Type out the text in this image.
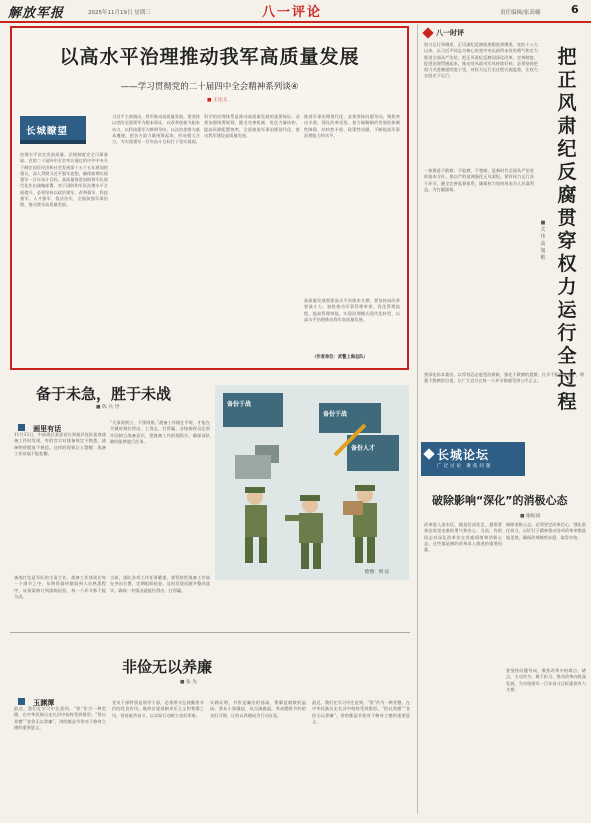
解放军报	2025年11月19日 星期三	八一评论	责任编辑/张高楠	6
以高水平治理推动我军高质量发展
——学习贯彻党的二十届四中全会精神系列谈④
■ 王达玉
长城瞭望
治理水平决定发展质量。法规制度完全可靠基础。党的二十届四中全会审议通过的中共中央关于制定国民经济和社会发展第十五个五年规划的建议，深入贯彻习近平强军思想，确保如期实现建军一百年奋斗目标，高质量推进国防和军队现代化作出战略部署。对于国防和军队治理水平全面提升，必须坚持以政治建军、改革强军、科技强军、人才强军、依法治军，全面加强军事治理，推动我军高质量发展。
习近平主席指出，我军推动高质量发展，要坚持以党的全面领导为根本保证，以改革创新为根本动力，以科技强军为鲜明导向，以法治思维为基本遵循，把各方面力量统筹起来，形成强大合力，为实现建军一百年奋斗目标打下坚实基础。
科学的治理体系是推动高质量发展的重要保证。必须加强统筹规划，健全完善机制，优化力量结构，提高资源配置效率，全面推进军事治理现代化，推动我军建设高质量发展。
推进军事治理现代化，必须坚持问题导向，聚焦突出矛盾，强化改革攻坚，着力破解制约发展的体制性障碍、结构性矛盾、政策性问题，不断提高军事治理能力和水平。
高质量发展需要高水平治理来支撑。要坚持向改革要战斗力，加快推动军事管理革命，优化管理流程，提高管理效能，实现治理模式现代化转型，以高水平治理推动我军高质量发展。
（作者单位：武警上海总队）
八一时评
把正风肃纪反腐贯穿权力运行全过程
■ 关 伟 高 旭 彬
权力运行到哪里，正风肃纪反腐就要跟进到哪里。党的十八大以来，以习近平同志为核心的党中央以前所未有的勇气和定力推进全面从严治党，把正风肃纪反腐同深化改革、完善制度、促进治理贯通起来，推动党风政风军风持续好转。必须坚持把权力关进制度的笼子里，对权力运行全过程实施监督，让权力在阳光下运行。
一体推进不敢腐、不能腐、不想腐，是新时代全面从严治党的基本方针。要以严的基调强化正风肃纪，紧盯权力运行各个环节，健全完善监督体系，确保权力始终用来为人民谋利益、为打赢服务。
要深化标本兼治，以零容忍态度惩治腐败，强化不敢腐的震慑，扎牢不能腐的笼子，增强不想腐的自觉，让广大官兵在每一个环节都感受到公平正义。
备于未急，胜于未战
■ 陈 兵 世
画里有话
11月13日，中部战区某部首长到基层连队检查战备工作时发现，有的官兵对战备规定不熟悉，战备物资摆放不规范。这样的现象让人警醒：战备工作丝毫不能松懈。
“凡事预则立，不预则废。”战备工作做在平时，才能在关键时刻拉得出、上得去、打得赢。各级指挥员必须牢固树立战备意识，把战备工作抓细抓实，确保部队随时能够遂行任务。
备战打仗是军队的主责主业。战备工作体现在每一个细节之中，从物资器材摆放到人员熟悉程序，从预案修订到演练检验，每一个环节都不能马虎。
当前，部队各项工作任务繁重，要坚持把战备工作放在突出位置，定期组织检查，及时发现问题并整改落实，确保一有情况就能拉得出、打得赢。
备份于战
备份于战
备份人才
绘图：周 洁
非俭无以养廉
■ 张 先
玉渊潭
最近，我们在学习中注意到，“俭”作为一种美德，在中华民族历史长河中始终受到推崇。“俭以养德”“非俭无以养廉”，讲的都是节俭对于修身立德的重要意义。
党员干部特别是领导干部，必须带头弘扬勤俭节约的优良作风，做到自觉抵制享乐主义和奢靡之风，坚持艰苦奋斗，以实际行动树立良好形象。
实践证明，节俭是廉洁的基础，奢靡是腐败的温床。要从小事做起、从点滴做起，养成勤俭节约的良好习惯，让俭以养德成为行动自觉。
最近，我们在学习中注意到，“俭”作为一种美德，在中华民族历史长河中始终受到推崇。“俭以养德”“非俭无以养廉”，讲的都是节俭对于修身立德的重要意义。
长城论坛
广泛讨论 聚焦问题
破除影响“深化”的消极心态
■ 谢振国
改革进入深水区，越是往深处走，越需要拿出攻坚克难的勇气和决心。当前，有的同志对深化改革存在畏难情绪和消极心态，这些都是制约改革深入推进的重要因素。
破除消极心态，必须坚定改革信心，强化责任担当，以钉钉子精神推动各项改革举措落地见效，确保改革蹄疾步稳、取得实效。
要坚持问题导向，聚焦改革中的难点、堵点，主动作为、敢于担当，推动改革向纵深发展，为实现建军一百年奋斗目标提供有力支撑。
